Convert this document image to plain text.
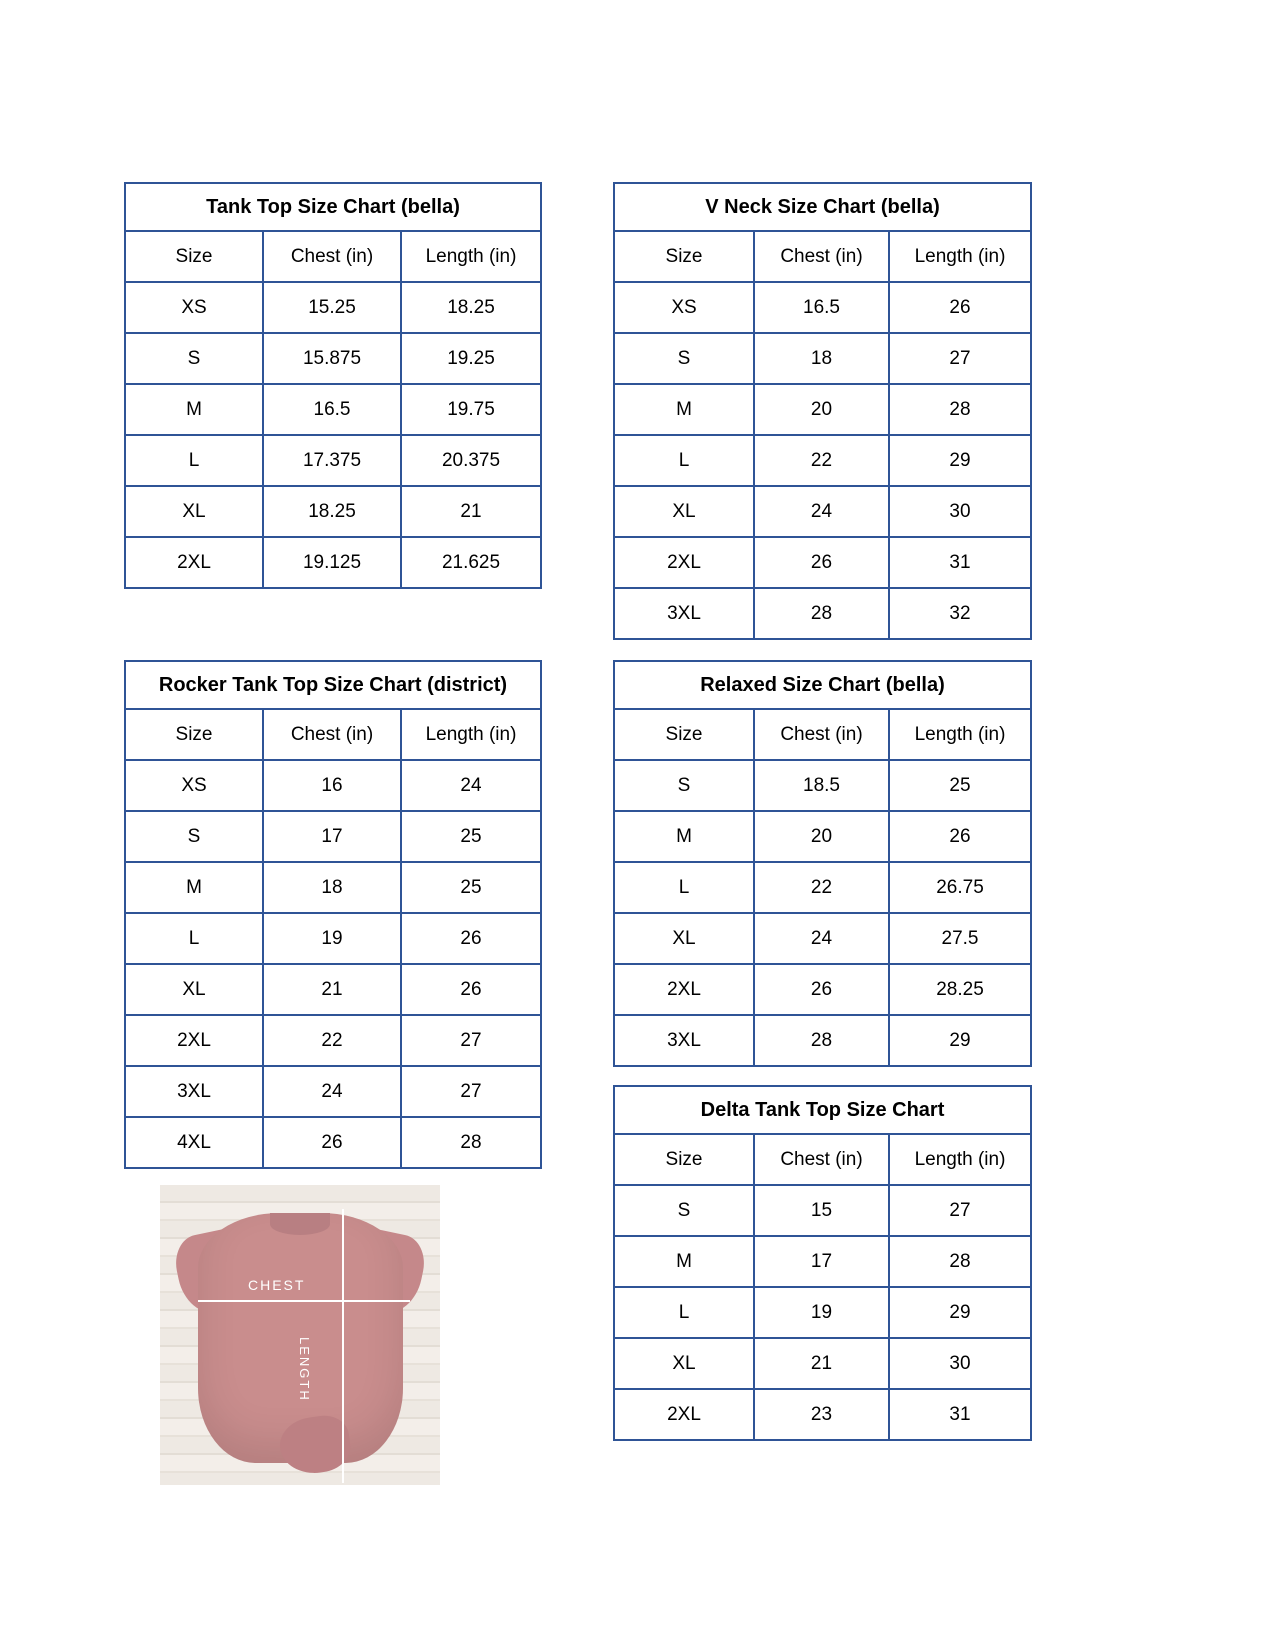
Tank Top Size Chart (bella)		
Size	Chest (in)	Length (in)
XS	15.25	18.25
S	15.875	19.25
M	16.5	19.75
L	17.375	20.375
XL	18.25	21
2XL	19.125	21.625
Rocker Tank Top Size Chart (district)		
Size	Chest (in)	Length (in)
XS	16	24
S	17	25
M	18	25
L	19	26
XL	21	26
2XL	22	27
3XL	24	27
4XL	26	28
V Neck Size Chart (bella)		
Size	Chest (in)	Length (in)
XS	16.5	26
S	18	27
M	20	28
L	22	29
XL	24	30
2XL	26	31
3XL	28	32
Relaxed Size Chart (bella)		
Size	Chest (in)	Length (in)
S	18.5	25
M	20	26
L	22	26.75
XL	24	27.5
2XL	26	28.25
3XL	28	29
Delta Tank Top Size Chart		
Size	Chest (in)	Length (in)
S	15	27
M	17	28
L	19	29
XL	21	30
2XL	23	31
CHEST
LENGTH
